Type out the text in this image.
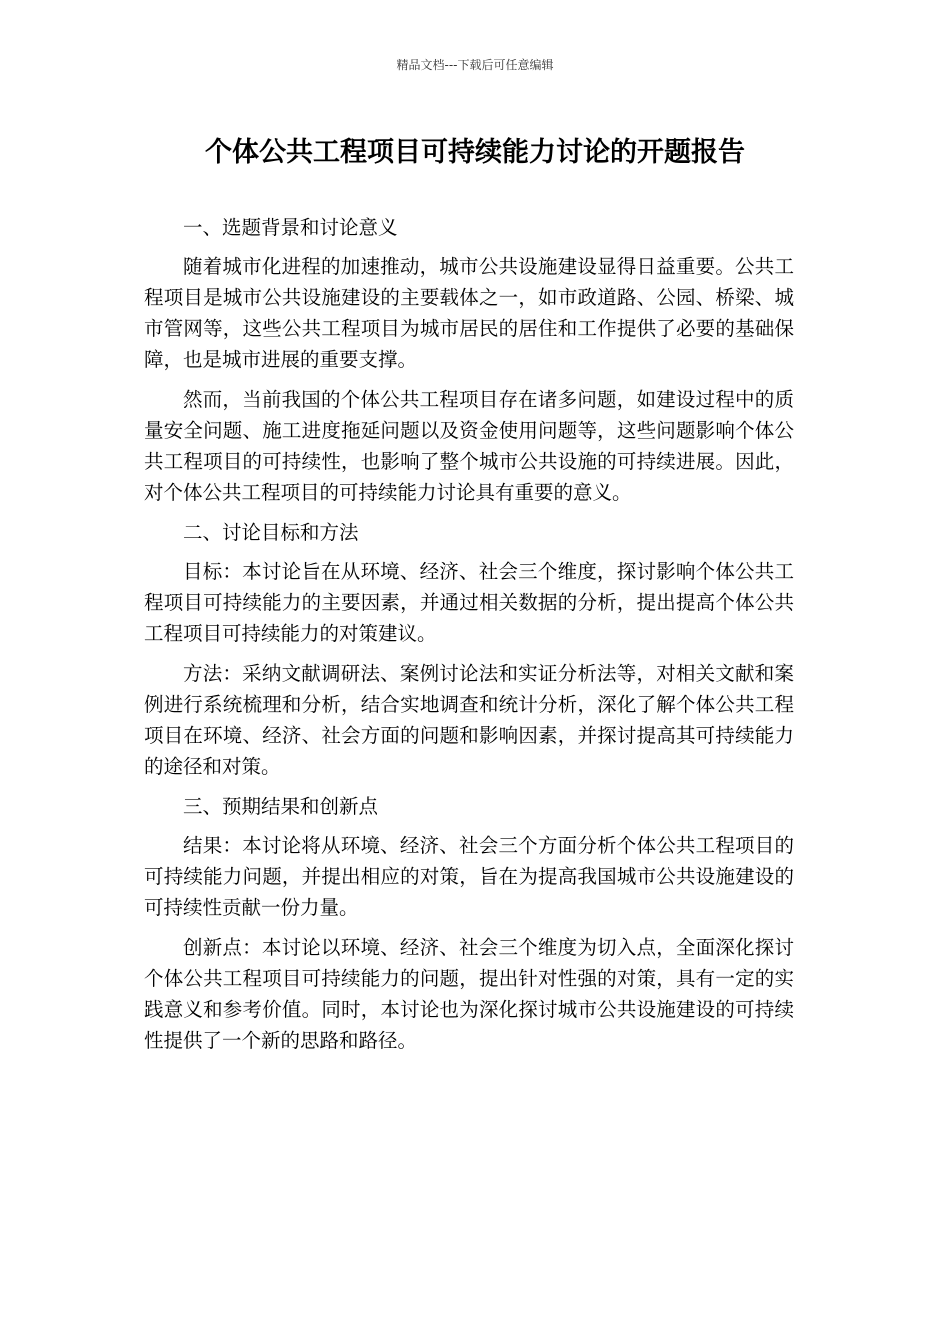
精品文档---下载后可任意编辑
个体公共工程项目可持续能力讨论的开题报告

一、选题背景和讨论意义

随着城市化进程的加速推动，城市公共设施建设显得日益重要。公共工程项目是城市公共设施建设的主要载体之一，如市政道路、公园、桥梁、城市管网等，这些公共工程项目为城市居民的居住和工作提供了必要的基础保障，也是城市进展的重要支撑。

然而，当前我国的个体公共工程项目存在诸多问题，如建设过程中的质量安全问题、施工进度拖延问题以及资金使用问题等，这些问题影响个体公共工程项目的可持续性，也影响了整个城市公共设施的可持续进展。因此，对个体公共工程项目的可持续能力讨论具有重要的意义。

二、讨论目标和方法

目标：本讨论旨在从环境、经济、社会三个维度，探讨影响个体公共工程项目可持续能力的主要因素，并通过相关数据的分析，提出提高个体公共工程项目可持续能力的对策建议。

方法：采纳文献调研法、案例讨论法和实证分析法等，对相关文献和案例进行系统梳理和分析，结合实地调查和统计分析，深化了解个体公共工程项目在环境、经济、社会方面的问题和影响因素，并探讨提高其可持续能力的途径和对策。

三、预期结果和创新点

结果：本讨论将从环境、经济、社会三个方面分析个体公共工程项目的可持续能力问题，并提出相应的对策，旨在为提高我国城市公共设施建设的可持续性贡献一份力量。

创新点：本讨论以环境、经济、社会三个维度为切入点，全面深化探讨个体公共工程项目可持续能力的问题，提出针对性强的对策，具有一定的实践意义和参考价值。同时，本讨论也为深化探讨城市公共设施建设的可持续性提供了一个新的思路和路径。
